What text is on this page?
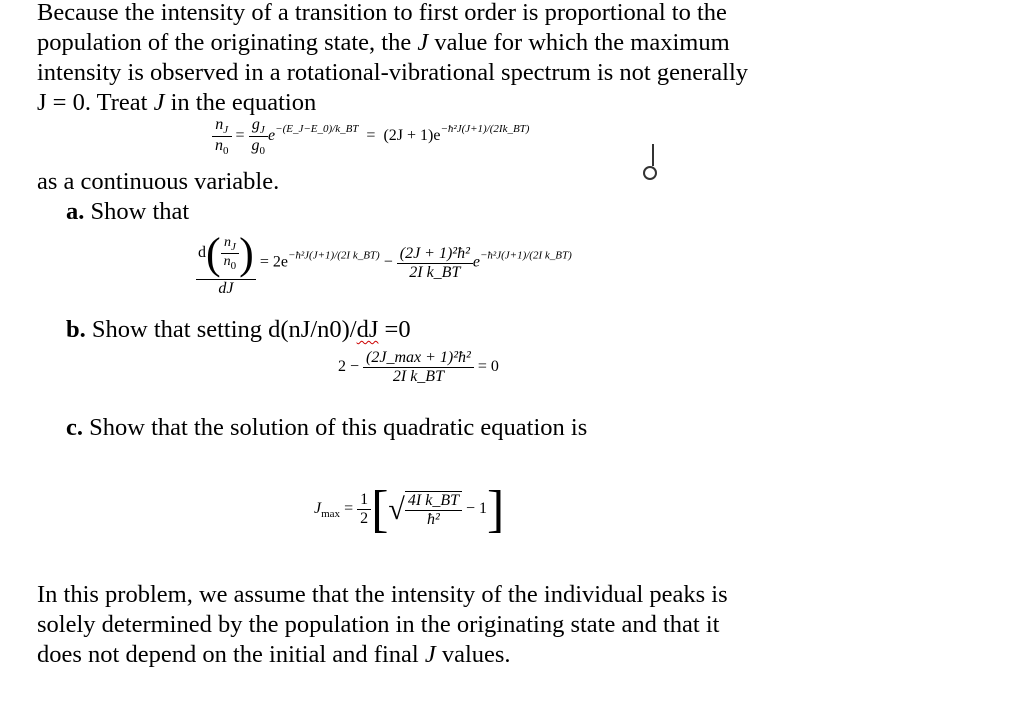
Because the intensity of a transition to first order is proportional to the
population of the originating state, the J value for which the maximum
intensity is observed in a rotational-vibrational spectrum is not generally
J = 0. Treat J in the equation
$\frac{n_J}{n_0} = \frac{g_J}{g_0} e^{-(E\_J-E\_0)/k\_BT} = (2J + 1)e^{-ħ^2J(J+1)/(2Ik\_BT)}$
as a continuous variable.
a. Show that
$\frac{d( \frac{n_J}{n_0} )}{dJ} = 2e^{-ħ^2J(J+1)/(2I k\_BT)} - \frac{\text{(2J + 1)²ħ²}}{\text{2I k\_BT}} e^{-ħ^2J(J+1)/(2I k\_BT)}$
b. Show that setting d(nJ/n0)/dJ =0
$2 - \frac{\text{(2J\_max + 1)²ħ²}}{\text{2I k\_BT}} = 0$
c. Show that the solution of this quadratic equation is
$J_{max} = \frac{1}{2}$ [√ $\frac{\text{4I k\_BT}}{\text{ħ²}} - 1$]
In this problem, we assume that the intensity of the individual peaks is
solely determined by the population in the originating state and that it
does not depend on the initial and final J values.
